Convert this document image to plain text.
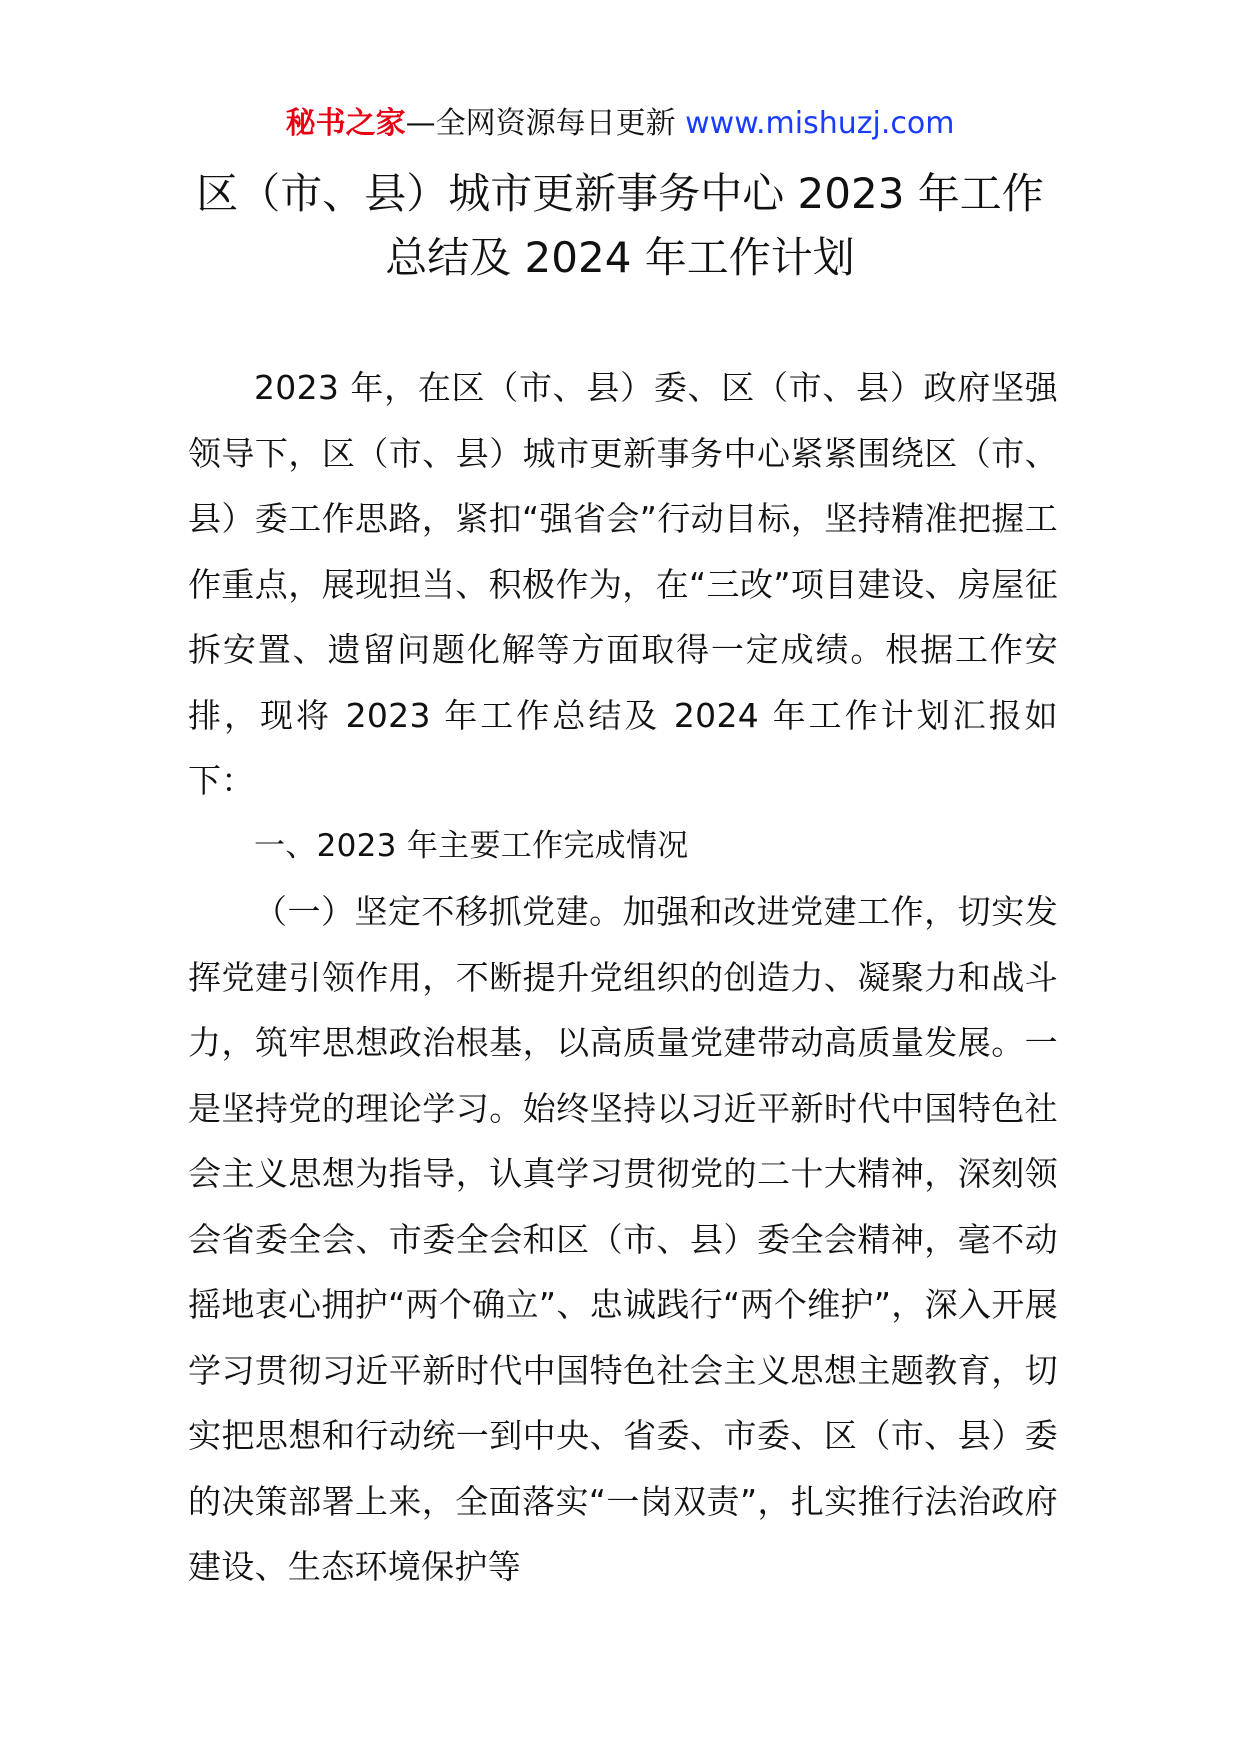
秘书之家—全网资源每日更新 www.mishuzj.com
区（市、县）城市更新事务中心 2023 年工作
总结及 2024 年工作计划

2023 年，在区（市、县）委、区（市、县）政府坚强领导下，区（市、县）城市更新事务中心紧紧围绕区（市、县）委工作思路，紧扣“强省会”行动目标，坚持精准把握工作重点，展现担当、积极作为，在“三改”项目建设、房屋征拆安置、遗留问题化解等方面取得一定成绩。根据工作安排，现将 2023 年工作总结及 2024 年工作计划汇报如下：

一、2023 年主要工作完成情况

（一）坚定不移抓党建。加强和改进党建工作，切实发挥党建引领作用，不断提升党组织的创造力、凝聚力和战斗力，筑牢思想政治根基，以高质量党建带动高质量发展。一是坚持党的理论学习。始终坚持以习近平新时代中国特色社会主义思想为指导，认真学习贯彻党的二十大精神，深刻领会省委全会、市委全会和区（市、县）委全会精神，毫不动摇地衷心拥护“两个确立”、忠诚践行“两个维护”，深入开展学习贯彻习近平新时代中国特色社会主义思想主题教育，切实把思想和行动统一到中央、省委、市委、区（市、县）委的决策部署上来，全面落实“一岗双责”，扎实推行法治政府建设、生态环境保护等
